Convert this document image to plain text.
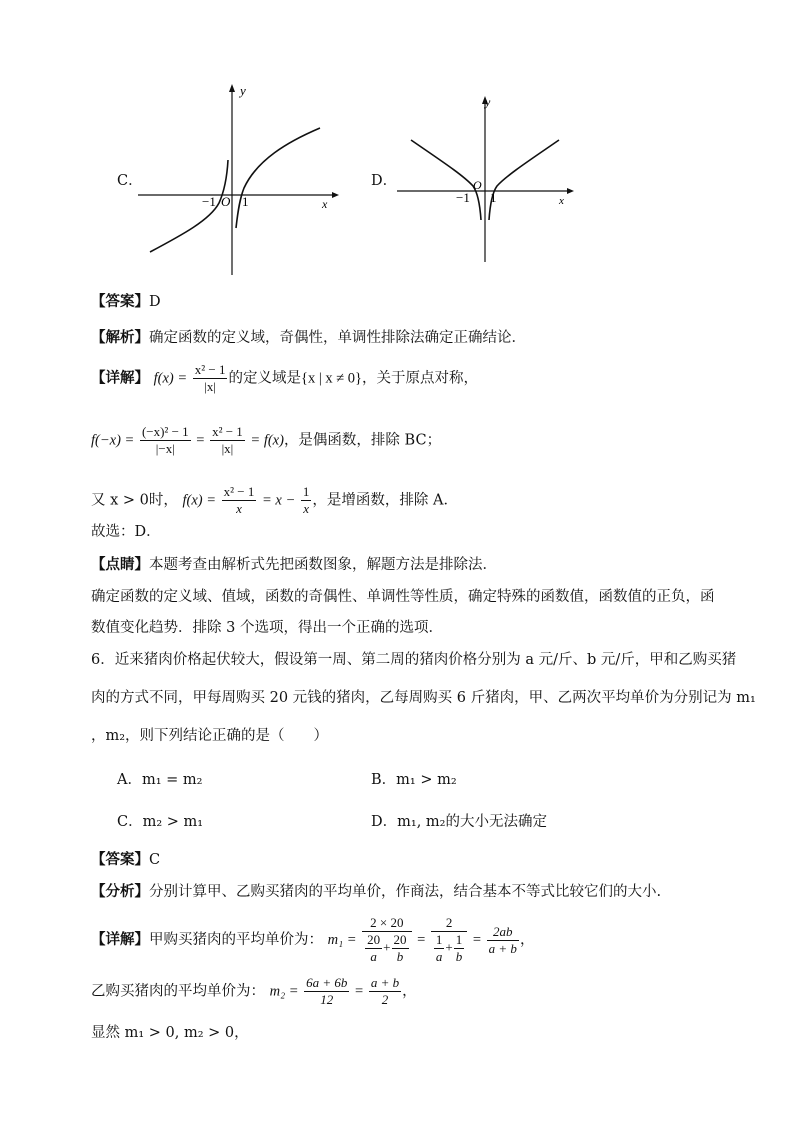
C．
y
x
O
−1 1
D．
y
x
O
−1 1
【答案】D
【解析】确定函数的定义域，奇偶性，单调性排除法确定正确结论．
【详解】 $f(x) = \frac{\text{x² − 1}}{|x|}$ 的定义域是{x | x ≠ 0}，关于原点对称，
$f(-x) = \frac{\text{(−x)² − 1}}{|-x|} = \frac{\text{x² − 1}}{|x|} = f(x)$，是偶函数，排除 BC；
又 x > 0时， $f(x) = \frac{\text{x² − 1}}{x} = x - \frac{1}{x}$ ，是增函数，排除 A．
故选：D．
【点睛】本题考查由解析式先把函数图象，解题方法是排除法．
确定函数的定义域、值域，函数的奇偶性、单调性等性质，确定特殊的函数值，函数值的正负，函
数值变化趋势．排除 3 个选项，得出一个正确的选项．
6．近来猪肉价格起伏较大，假设第一周、第二周的猪肉价格分别为 a 元/斤、b 元/斤，甲和乙购买猪
肉的方式不同，甲每周购买 20 元钱的猪肉，乙每周购买 6 斤猪肉，甲、乙两次平均单价为分别记为 m₁
，m₂，则下列结论正确的是（　　）
A．m₁ = m₂	B．m₁ > m₂
C．m₂ > m₁	D．m₁, m₂的大小无法确定
【答案】C
【分析】分别计算甲、乙购买猪肉的平均单价，作商法，结合基本不等式比较它们的大小.
【详解】甲购买猪肉的平均单价为： $m_1 = \frac{2 \times 20}{\frac{20}{a} + \frac{20}{b}} = \frac{2}{\frac{1}{a} + \frac{1}{b}} = \frac{2ab}{a + b}$ ，
乙购买猪肉的平均单价为： $m_2 = \frac{6a + 6b}{12} = \frac{a + b}{2}$ ，
显然 m₁ > 0, m₂ > 0，
